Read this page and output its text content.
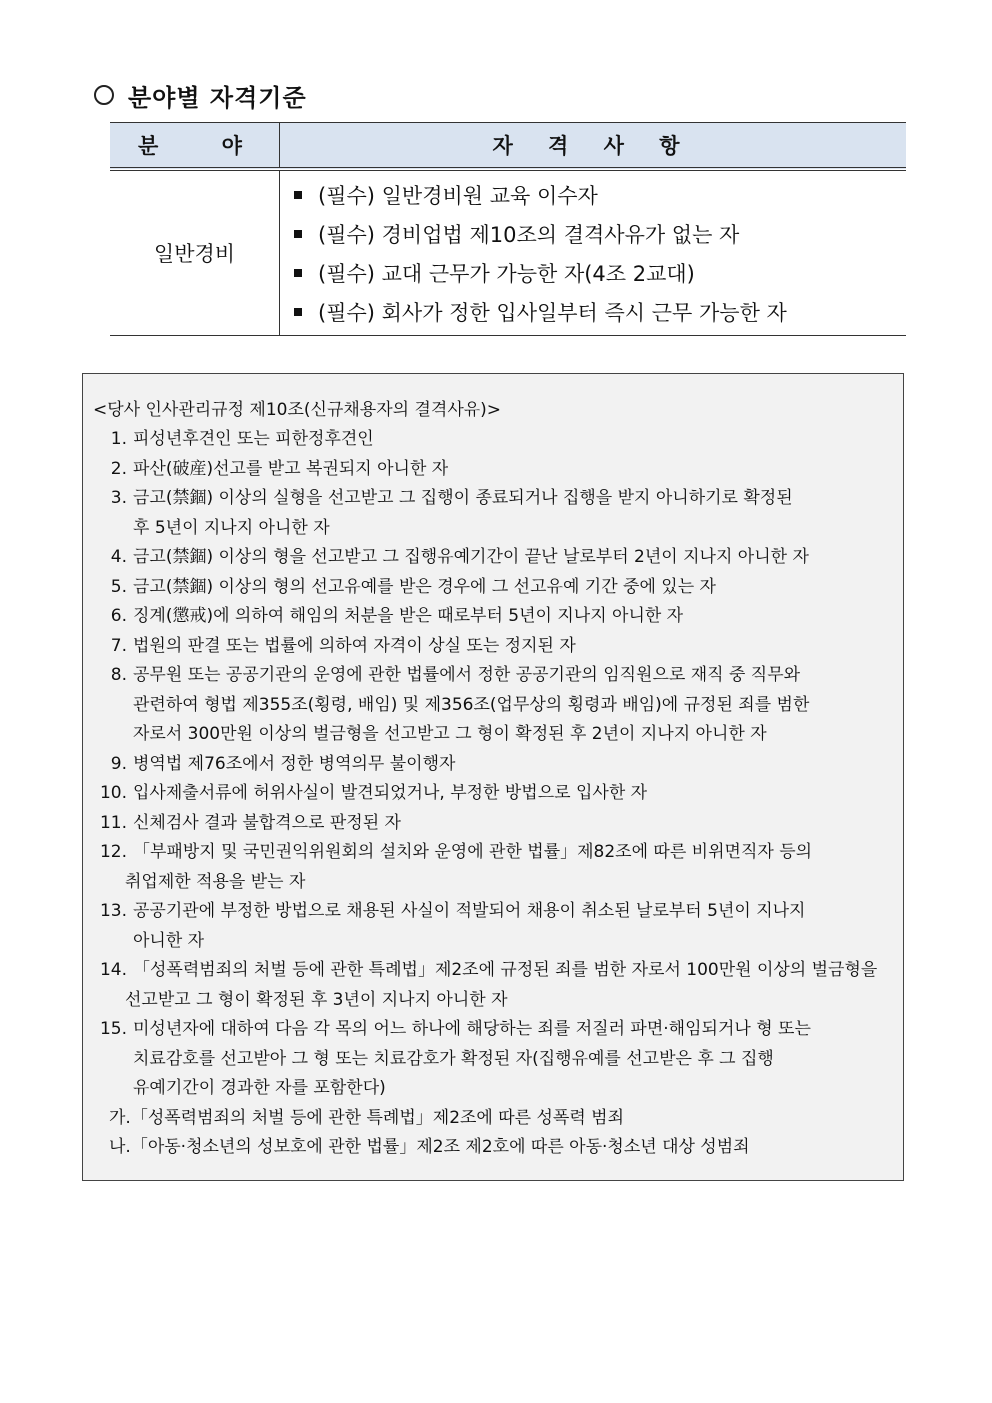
분야별 자격기준
분 야	자 격 사 항
일반경비	(필수) 일반경비원 교육 이수자
(필수) 경비업법 제10조의 결격사유가 없는 자
(필수) 교대 근무가 가능한 자(4조 2교대)
(필수) 회사가 정한 입사일부터 즉시 근무 가능한 자
<당사 인사관리규정 제10조(신규채용자의 결격사유)>
1. 피성년후견인 또는 피한정후견인
2. 파산(破産)선고를 받고 복권되지 아니한 자
3. 금고(禁錮) 이상의 실형을 선고받고 그 집행이 종료되거나 집행을 받지 아니하기로 확정된
후 5년이 지나지 아니한 자
4. 금고(禁錮) 이상의 형을 선고받고 그 집행유예기간이 끝난 날로부터 2년이 지나지 아니한 자
5. 금고(禁錮) 이상의 형의 선고유예를 받은 경우에 그 선고유예 기간 중에 있는 자
6. 징계(懲戒)에 의하여 해임의 처분을 받은 때로부터 5년이 지나지 아니한 자
7. 법원의 판결 또는 법률에 의하여 자격이 상실 또는 정지된 자
8. 공무원 또는 공공기관의 운영에 관한 법률에서 정한 공공기관의 임직원으로 재직 중 직무와
관련하여 형법 제355조(횡령, 배임) 및 제356조(업무상의 횡령과 배임)에 규정된 죄를 범한
자로서 300만원 이상의 벌금형을 선고받고 그 형이 확정된 후 2년이 지나지 아니한 자
9. 병역법 제76조에서 정한 병역의무 불이행자
10. 입사제출서류에 허위사실이 발견되었거나, 부정한 방법으로 입사한 자
11. 신체검사 결과 불합격으로 판정된 자
12. 「부패방지 및 국민권익위원회의 설치와 운영에 관한 법률」제82조에 따른 비위면직자 등의
취업제한 적용을 받는 자
13. 공공기관에 부정한 방법으로 채용된 사실이 적발되어 채용이 취소된 날로부터 5년이 지나지
아니한 자
14. 「성폭력범죄의 처벌 등에 관한 특례법」제2조에 규정된 죄를 범한 자로서 100만원 이상의 벌금형을
선고받고 그 형이 확정된 후 3년이 지나지 아니한 자
15. 미성년자에 대하여 다음 각 목의 어느 하나에 해당하는 죄를 저질러 파면·해임되거나 형 또는
치료감호를 선고받아 그 형 또는 치료감호가 확정된 자(집행유예를 선고받은 후 그 집행
유예기간이 경과한 자를 포함한다)
가.「성폭력범죄의 처벌 등에 관한 특례법」제2조에 따른 성폭력 범죄
나.「아동·청소년의 성보호에 관한 법률」제2조 제2호에 따른 아동·청소년 대상 성범죄
